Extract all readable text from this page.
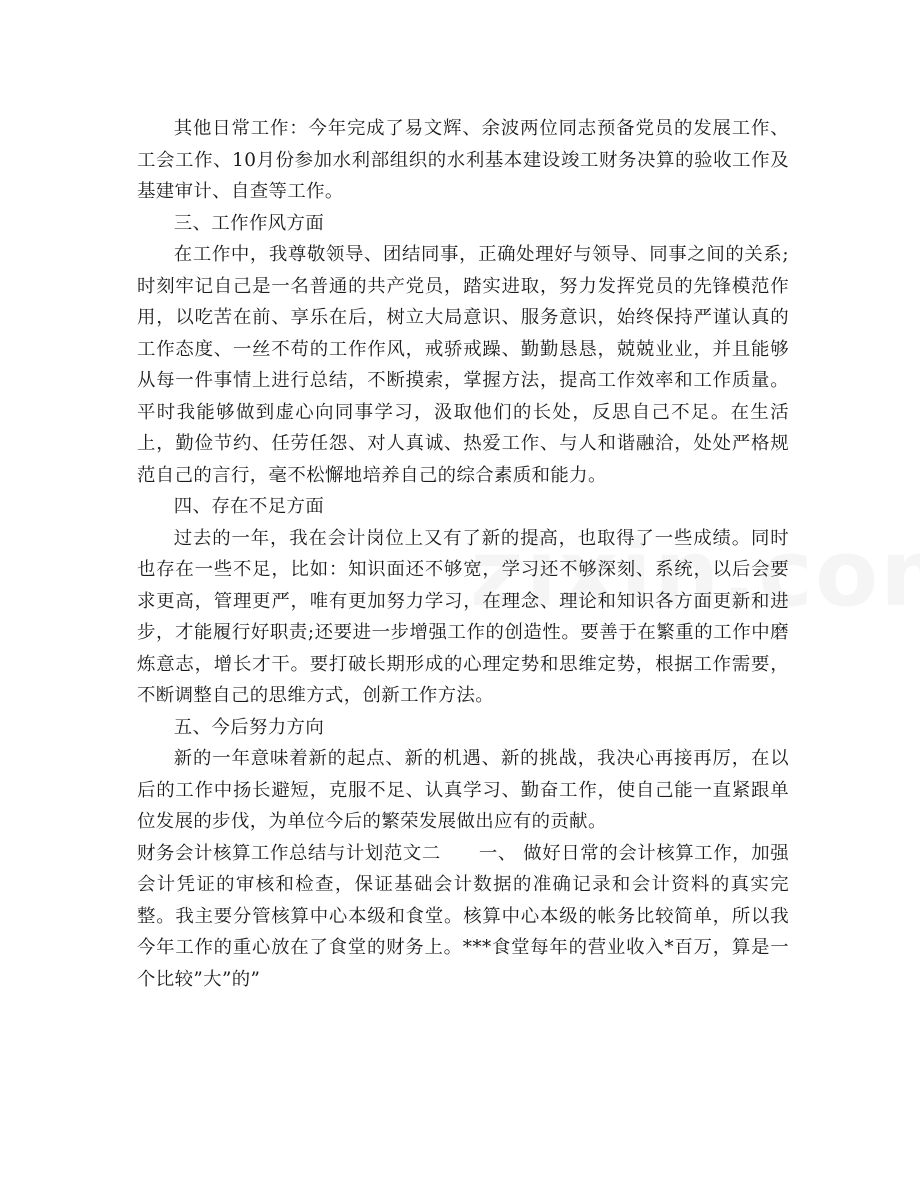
其他日常工作：今年完成了易文辉、余波两位同志预备党员的发展工作、工会工作、10月份参加水利部组织的水利基本建设竣工财务决算的验收工作及基建审计、自查等工作。

三、工作作风方面

在工作中，我尊敬领导、团结同事，正确处理好与领导、同事之间的关系;时刻牢记自己是一名普通的共产党员，踏实进取，努力发挥党员的先锋模范作用，以吃苦在前、享乐在后，树立大局意识、服务意识，始终保持严谨认真的工作态度、一丝不苟的工作作风，戒骄戒躁、勤勤恳恳，兢兢业业，并且能够从每一件事情上进行总结，不断摸索，掌握方法，提高工作效率和工作质量。平时我能够做到虚心向同事学习，汲取他们的长处，反思自己不足。在生活上，勤俭节约、任劳任怨、对人真诚、热爱工作、与人和谐融洽，处处严格规范自己的言行，毫不松懈地培养自己的综合素质和能力。

四、存在不足方面

过去的一年，我在会计岗位上又有了新的提高，也取得了一些成绩。同时也存在一些不足，比如：知识面还不够宽，学习还不够深刻、系统，以后会要求更高，管理更严，唯有更加努力学习，在理念、理论和知识各方面更新和进步，才能履行好职责;还要进一步增强工作的创造性。要善于在繁重的工作中磨炼意志，增长才干。要打破长期形成的心理定势和思维定势，根据工作需要，不断调整自己的思维方式，创新工作方法。

五、今后努力方向

新的一年意味着新的起点、新的机遇、新的挑战，我决心再接再厉，在以后的工作中扬长避短，克服不足、认真学习、勤奋工作，使自己能一直紧跟单位发展的步伐，为单位今后的繁荣发展做出应有的贡献。

财务会计核算工作总结与计划范文二　　一、 做好日常的会计核算工作，加强会计凭证的审核和检查，保证基础会计数据的准确记录和会计资料的真实完整。我主要分管核算中心本级和食堂。核算中心本级的帐务比较简单，所以我今年工作的重心放在了食堂的财务上。***食堂每年的营业收入*百万，算是一个比较”大”的”
